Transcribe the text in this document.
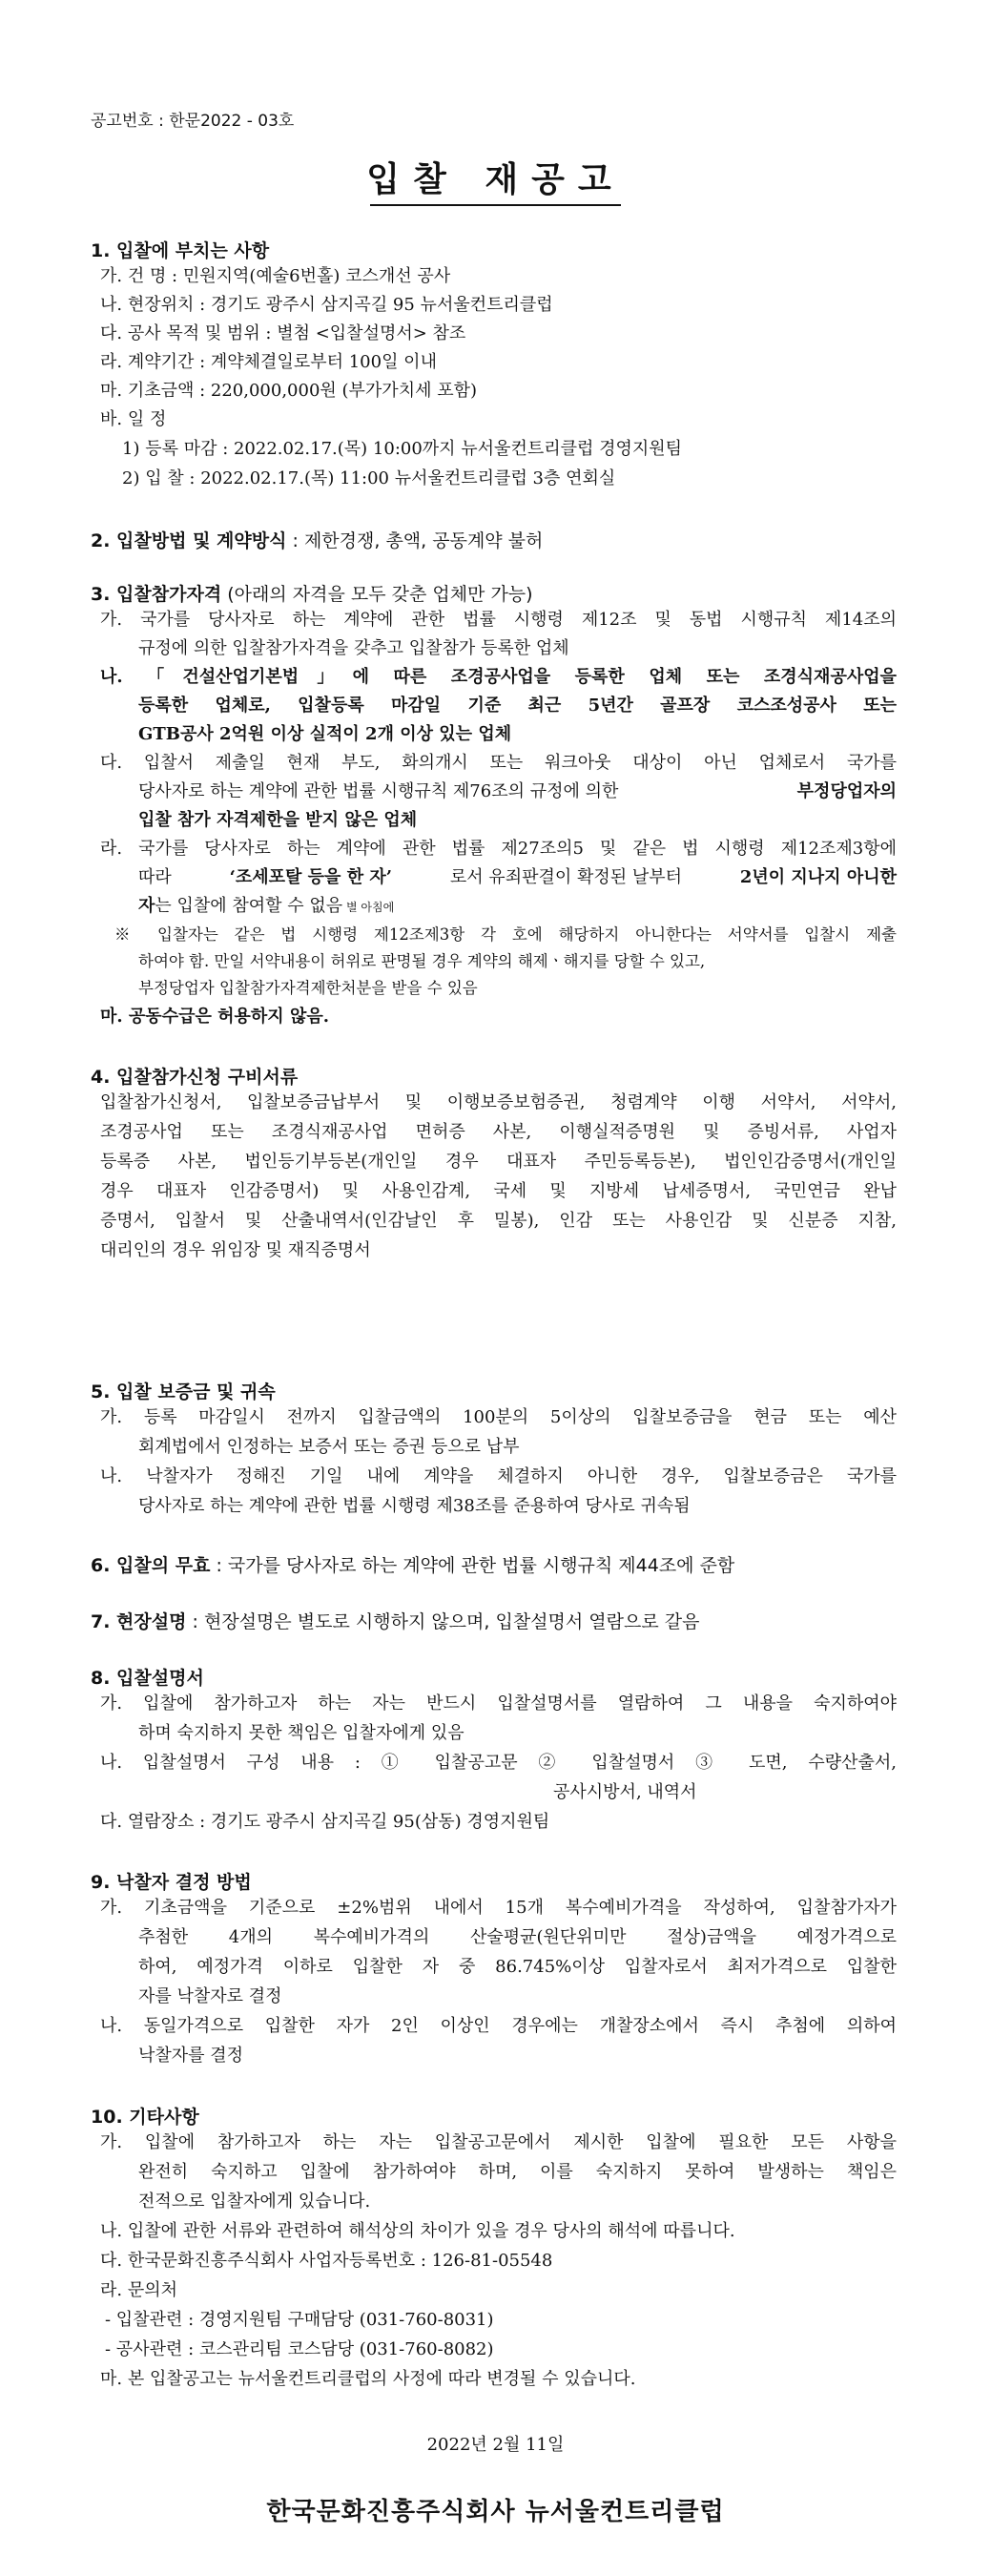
공고번호 : 한문2022 - 03호
입찰 재공고
1. 입찰에 부치는 사항
가. 건 명 : 민원지역(예술6번홀) 코스개선 공사
나. 현장위치 : 경기도 광주시 삼지곡길 95 뉴서울컨트리클럽
다. 공사 목적 및 범위 : 별첨 <입찰설명서> 참조
라. 계약기간 : 계약체결일로부터 100일 이내
마. 기초금액 : 220,000,000원 (부가가치세 포함)
바. 일 정
1) 등록 마감 : 2022.02.17.(목) 10:00까지 뉴서울컨트리클럽 경영지원팀
2) 입 찰 : 2022.02.17.(목) 11:00 뉴서울컨트리클럽 3층 연회실
2. 입찰방법 및 계약방식 : 제한경쟁, 총액, 공동계약 불허
3. 입찰참가자격 (아래의 자격을 모두 갖춘 업체만 가능)
가. 국가를 당사자로 하는 계약에 관한 법률 시행령 제12조 및 동법 시행규칙 제14조의
규정에 의한 입찰참가자격을 갖추고 입찰참가 등록한 업체
나. 「건설산업기본법」에 따른 조경공사업을 등록한 업체 또는 조경식재공사업을
등록한 업체로, 입찰등록 마감일 기준 최근 5년간 골프장 코스조성공사 또는
GTB공사 2억원 이상 실적이 2개 이상 있는 업체
다. 입찰서 제출일 현재 부도, 화의개시 또는 워크아웃 대상이 아닌 업체로서 국가를
당사자로 하는 계약에 관한 법률 시행규칙 제76조의 규정에 의한	부정당업자의
입찰 참가 자격제한을 받지 않은 업체
라. 국가를 당사자로 하는 계약에 관한 법률 제27조의5 및 같은 법 시행령 제12조제3항에
따라	‘조세포탈 등을 한 자’	로서 유죄판결이 확정된 날부터	2년이 지나지 아니한
자는 입찰에 참여할 수 없음 별 아침에
※ 입찰자는 같은 법 시행령 제12조제3항 각 호에 해당하지 아니한다는 서약서를 입찰시 제출
하여야 함. 만일 서약내용이 허위로 판명될 경우 계약의 해제ㆍ해지를 당할 수 있고,
부정당업자 입찰참가자격제한처분을 받을 수 있음
마. 공동수급은 허용하지 않음.
4. 입찰참가신청 구비서류
입찰참가신청서, 입찰보증금납부서 및 이행보증보험증권, 청렴계약 이행 서약서, 서약서,
조경공사업 또는 조경식재공사업 면허증 사본, 이행실적증명원 및 증빙서류, 사업자
등록증 사본, 법인등기부등본(개인일 경우 대표자 주민등록등본), 법인인감증명서(개인일
경우 대표자 인감증명서) 및 사용인감계, 국세 및 지방세 납세증명서, 국민연금 완납
증명서, 입찰서 및 산출내역서(인감날인 후 밀봉), 인감 또는 사용인감 및 신분증 지참,
대리인의 경우 위임장 및 재직증명서
5. 입찰 보증금 및 귀속
가. 등록 마감일시 전까지 입찰금액의 100분의 5이상의 입찰보증금을 현금 또는 예산
회계법에서 인정하는 보증서 또는 증권 등으로 납부
나. 낙찰자가 정해진 기일 내에 계약을 체결하지 아니한 경우, 입찰보증금은 국가를
당사자로 하는 계약에 관한 법률 시행령 제38조를 준용하여 당사로 귀속됨
6. 입찰의 무효 : 국가를 당사자로 하는 계약에 관한 법률 시행규칙 제44조에 준함
7. 현장설명 : 현장설명은 별도로 시행하지 않으며, 입찰설명서 열람으로 갈음
8. 입찰설명서
가. 입찰에 참가하고자 하는 자는 반드시 입찰설명서를 열람하여 그 내용을 숙지하여야
하며 숙지하지 못한 책임은 입찰자에게 있음
나. 입찰설명서 구성 내용 : ① 입찰공고문 ② 입찰설명서 ③ 도면, 수량산출서,
공사시방서, 내역서
다. 열람장소 : 경기도 광주시 삼지곡길 95(삼동) 경영지원팀
9. 낙찰자 결정 방법
가. 기초금액을 기준으로 ±2%범위 내에서 15개 복수예비가격을 작성하여, 입찰참가자가
추첨한 4개의 복수예비가격의 산술평균(원단위미만 절상)금액을 예정가격으로
하여, 예정가격 이하로 입찰한 자 중 86.745%이상 입찰자로서 최저가격으로 입찰한
자를 낙찰자로 결정
나. 동일가격으로 입찰한 자가 2인 이상인 경우에는 개찰장소에서 즉시 추첨에 의하여
낙찰자를 결정
10. 기타사항
가. 입찰에 참가하고자 하는 자는 입찰공고문에서 제시한 입찰에 필요한 모든 사항을
완전히 숙지하고 입찰에 참가하여야 하며, 이를 숙지하지 못하여 발생하는 책임은
전적으로 입찰자에게 있습니다.
나. 입찰에 관한 서류와 관련하여 해석상의 차이가 있을 경우 당사의 해석에 따릅니다.
다. 한국문화진흥주식회사 사업자등록번호 : 126-81-05548
라. 문의처
- 입찰관련 : 경영지원팀 구매담당 (031-760-8031)
- 공사관련 : 코스관리팀 코스담당 (031-760-8082)
마. 본 입찰공고는 뉴서울컨트리클럽의 사정에 따라 변경될 수 있습니다.
2022년 2월 11일
한국문화진흥주식회사 뉴서울컨트리클럽
